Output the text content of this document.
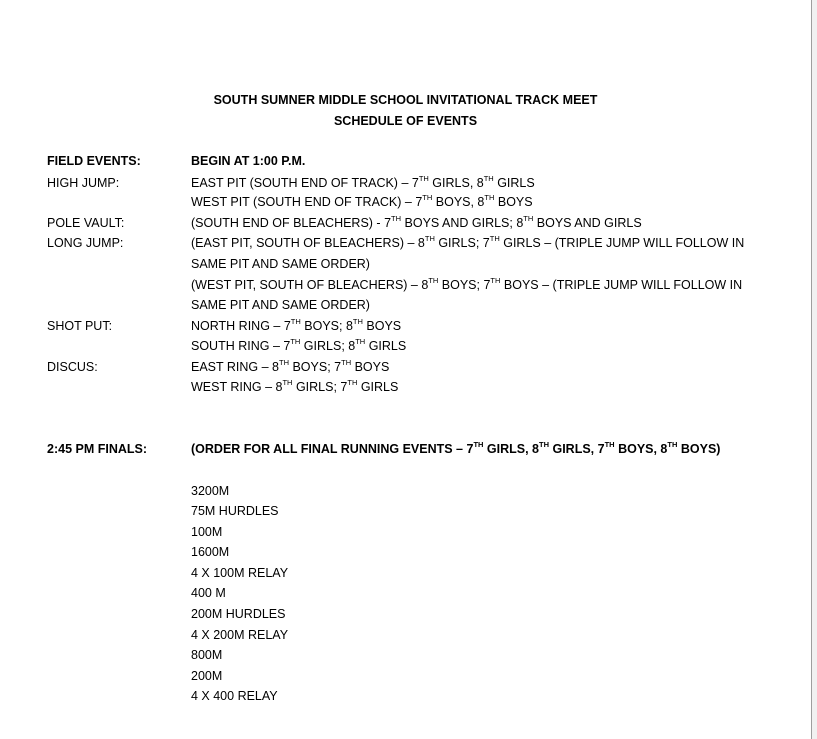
SOUTH SUMNER MIDDLE SCHOOL INVITATIONAL TRACK MEET
SCHEDULE OF EVENTS
FIELD EVENTS:	BEGIN AT 1:00 P.M.
HIGH JUMP:	EAST PIT (SOUTH END OF TRACK) – 7TH GIRLS, 8TH GIRLS
WEST PIT (SOUTH END OF TRACK) – 7TH BOYS, 8TH BOYS
POLE VAULT:	(SOUTH END OF BLEACHERS) - 7TH BOYS AND GIRLS; 8TH BOYS AND GIRLS
LONG JUMP:	(EAST PIT, SOUTH OF BLEACHERS) – 8TH GIRLS; 7TH GIRLS – (TRIPLE JUMP WILL FOLLOW IN
SAME PIT AND SAME ORDER)
(WEST PIT, SOUTH OF BLEACHERS) – 8TH BOYS; 7TH BOYS – (TRIPLE JUMP WILL FOLLOW IN
SAME PIT AND SAME ORDER)
SHOT PUT:	NORTH RING – 7TH BOYS; 8TH BOYS
SOUTH RING – 7TH GIRLS; 8TH GIRLS
DISCUS:	EAST RING – 8TH BOYS; 7TH BOYS
WEST RING – 8TH GIRLS; 7TH GIRLS
2:45 PM FINALS:	(ORDER FOR ALL FINAL RUNNING EVENTS – 7TH GIRLS, 8TH GIRLS, 7TH BOYS, 8TH BOYS)
3200M
75M HURDLES
100M
1600M
4 X 100M RELAY
400 M
200M HURDLES
4 X 200M RELAY
800M
200M
4 X 400 RELAY
